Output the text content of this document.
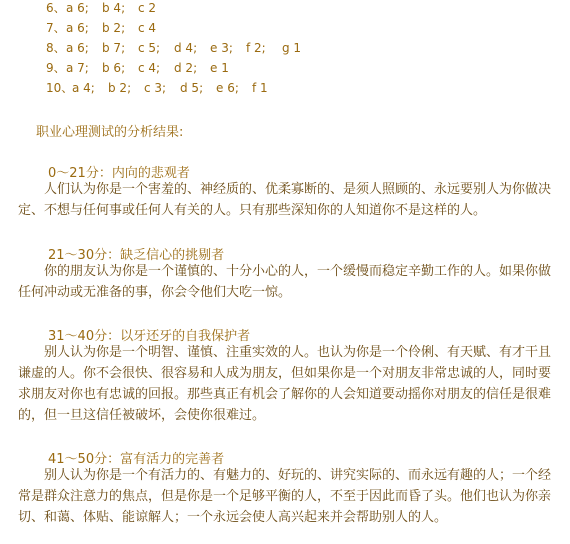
6、 a 6; b 4; c 2
7、 a 6; b 2; c 4
8、 a 6; b 7; c 5; d 4; e 3; f 2; g 1
9、 a 7; b 6; c 4; d 2; e 1
10、
a 4; b 2; c 3; d 5; e 6; f 1
职业心理测试的分析结果:
0～21分：内向的悲观者

人们认为你是一个害羞的、神经质的、优柔寡断的、是须人照顾的、永远要别人为你做决定、不想与任何事或任何人有关的人。只有那些深知你的人知道你不是这样的人。

21～30分：缺乏信心的挑剔者

你的朋友认为你是一个谨慎的、十分小心的人，一个缓慢而稳定辛勤工作的人。如果你做任何冲动或无准备的事，你会令他们大吃一惊。

31～40分：以牙还牙的自我保护者

别人认为你是一个明智、谨慎、注重实效的人。也认为你是一个伶俐、有天赋、有才干且谦虚的人。你不会很快、很容易和人成为朋友，但如果你是一个对朋友非常忠诚的人，同时要求朋友对你也有忠诚的回报。那些真正有机会了解你的人会知道要动摇你对朋友的信任是很难的，但一旦这信任被破坏，会使你很难过。

41～50分：富有活力的完善者

别人认为你是一个有活力的、有魅力的、好玩的、讲究实际的、而永远有趣的人；一个经常是群众注意力的焦点，但是你是一个足够平衡的人，不至于因此而昏了头。他们也认为你亲切、和蔼、体贴、能谅解人；一个永远会使人高兴起来并会帮助别人的人。
